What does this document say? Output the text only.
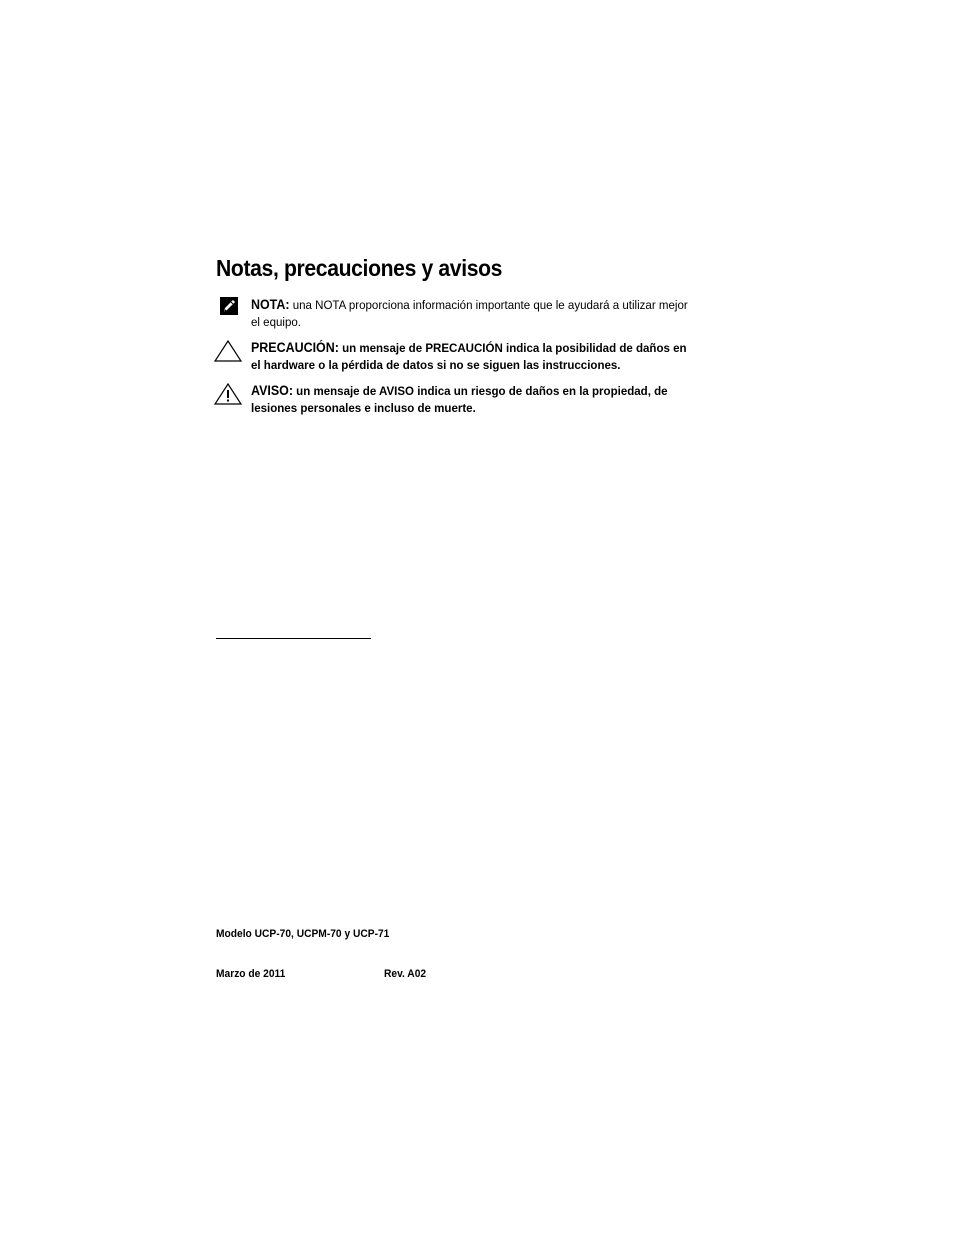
Notas, precauciones y avisos
NOTA: una NOTA proporciona información importante que le ayudará a utilizar mejor el equipo.
PRECAUCIÓN: un mensaje de PRECAUCIÓN indica la posibilidad de daños en el hardware o la pérdida de datos si no se siguen las instrucciones.
AVISO: un mensaje de AVISO indica un riesgo de daños en la propiedad, de lesiones personales e incluso de muerte.
Modelo UCP-70, UCPM-70 y UCP-71
Marzo de 2011	Rev. A02
